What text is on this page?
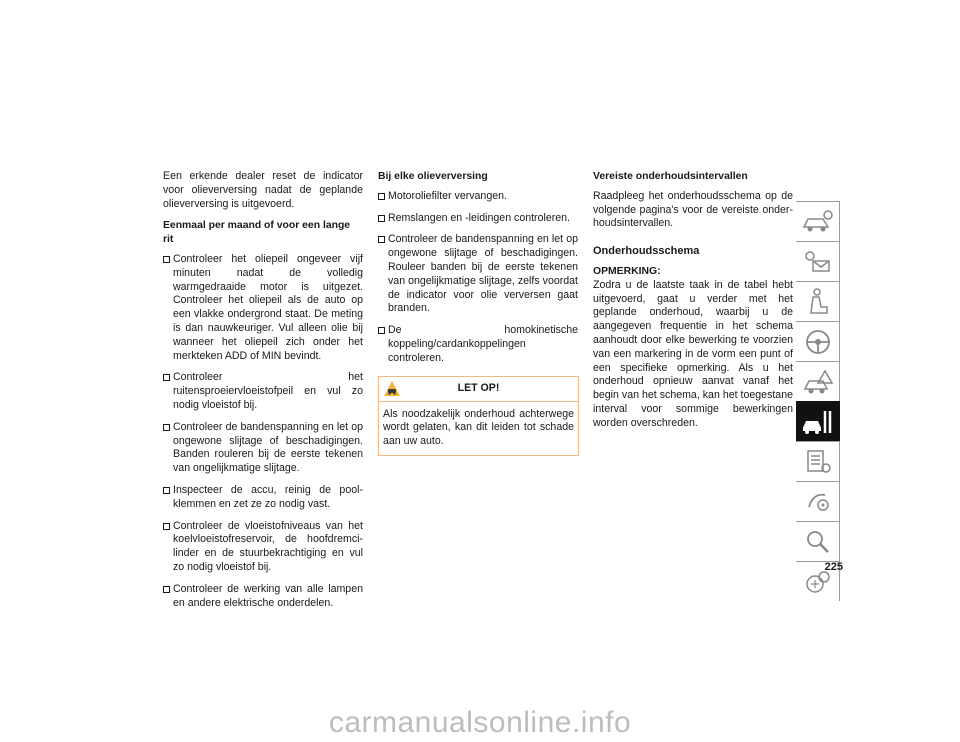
Een erkende dealer reset de indicator voor olieverversing nadat de geplande olieverversing is uitgevoerd.

Eenmaal per maand of voor een lange rit
Controleer het oliepeil ongeveer vijf minuten nadat de volledig warmgedraaide motor is uitgezet. Controleer het oliepeil als de auto op een vlakke ondergrond staat. De meting is dan nauwkeuriger. Vul alleen olie bij wanneer het oliepeil zich onder het merkteken ADD of MIN bevindt.
Controleer het ruitensproeiervloeistofpeil en vul zo nodig vloeistof bij.
Controleer de bandenspanning en let op ongewone slijtage of beschadigingen. Banden rouleren bij de eerste tekenen van ongelijkmatige slijtage.
Inspecteer de accu, reinig de poolklemmen en zet ze zo nodig vast.
Controleer de vloeistofniveaus van het koelvloeistofreservoir, de hoofdremcilinder en de stuurbekrachtiging en vul zo nodig vloeistof bij.
Controleer de werking van alle lampen en andere elektrische onderdelen.
Bij elke olieverversing
Motoroliefilter vervangen.
Remslangen en -leidingen controleren.
Controleer de bandenspanning en let op ongewone slijtage of beschadigingen. Rouleer banden bij de eerste tekenen van ongelijkmatige slijtage, zelfs voordat de indicator voor olie verversen gaat branden.
De homokinetische koppeling/cardankoppelingen controleren.
LET OP!
Als noodzakelijk onderhoud achterwege wordt gelaten, kan dit leiden tot schade aan uw auto.
Vereiste onderhoudsintervallen

Raadpleeg het onderhoudsschema op de volgende pagina's voor de vereiste onderhoudsintervallen.

Onderhoudsschema
OPMERKING:

Zodra u de laatste taak in de tabel hebt uitgevoerd, gaat u verder met het geplande onderhoud, waarbij u de aangegeven frequentie in het schema aanhoudt door elke bewerking te voorzien van een markering in de vorm een punt of een specifieke opmerking. Als u het onderhoud opnieuw aanvat vanaf het begin van het schema, kan het toegestane interval voor sommige bewerkingen worden overschreden.

225
carmanualsonline.info
